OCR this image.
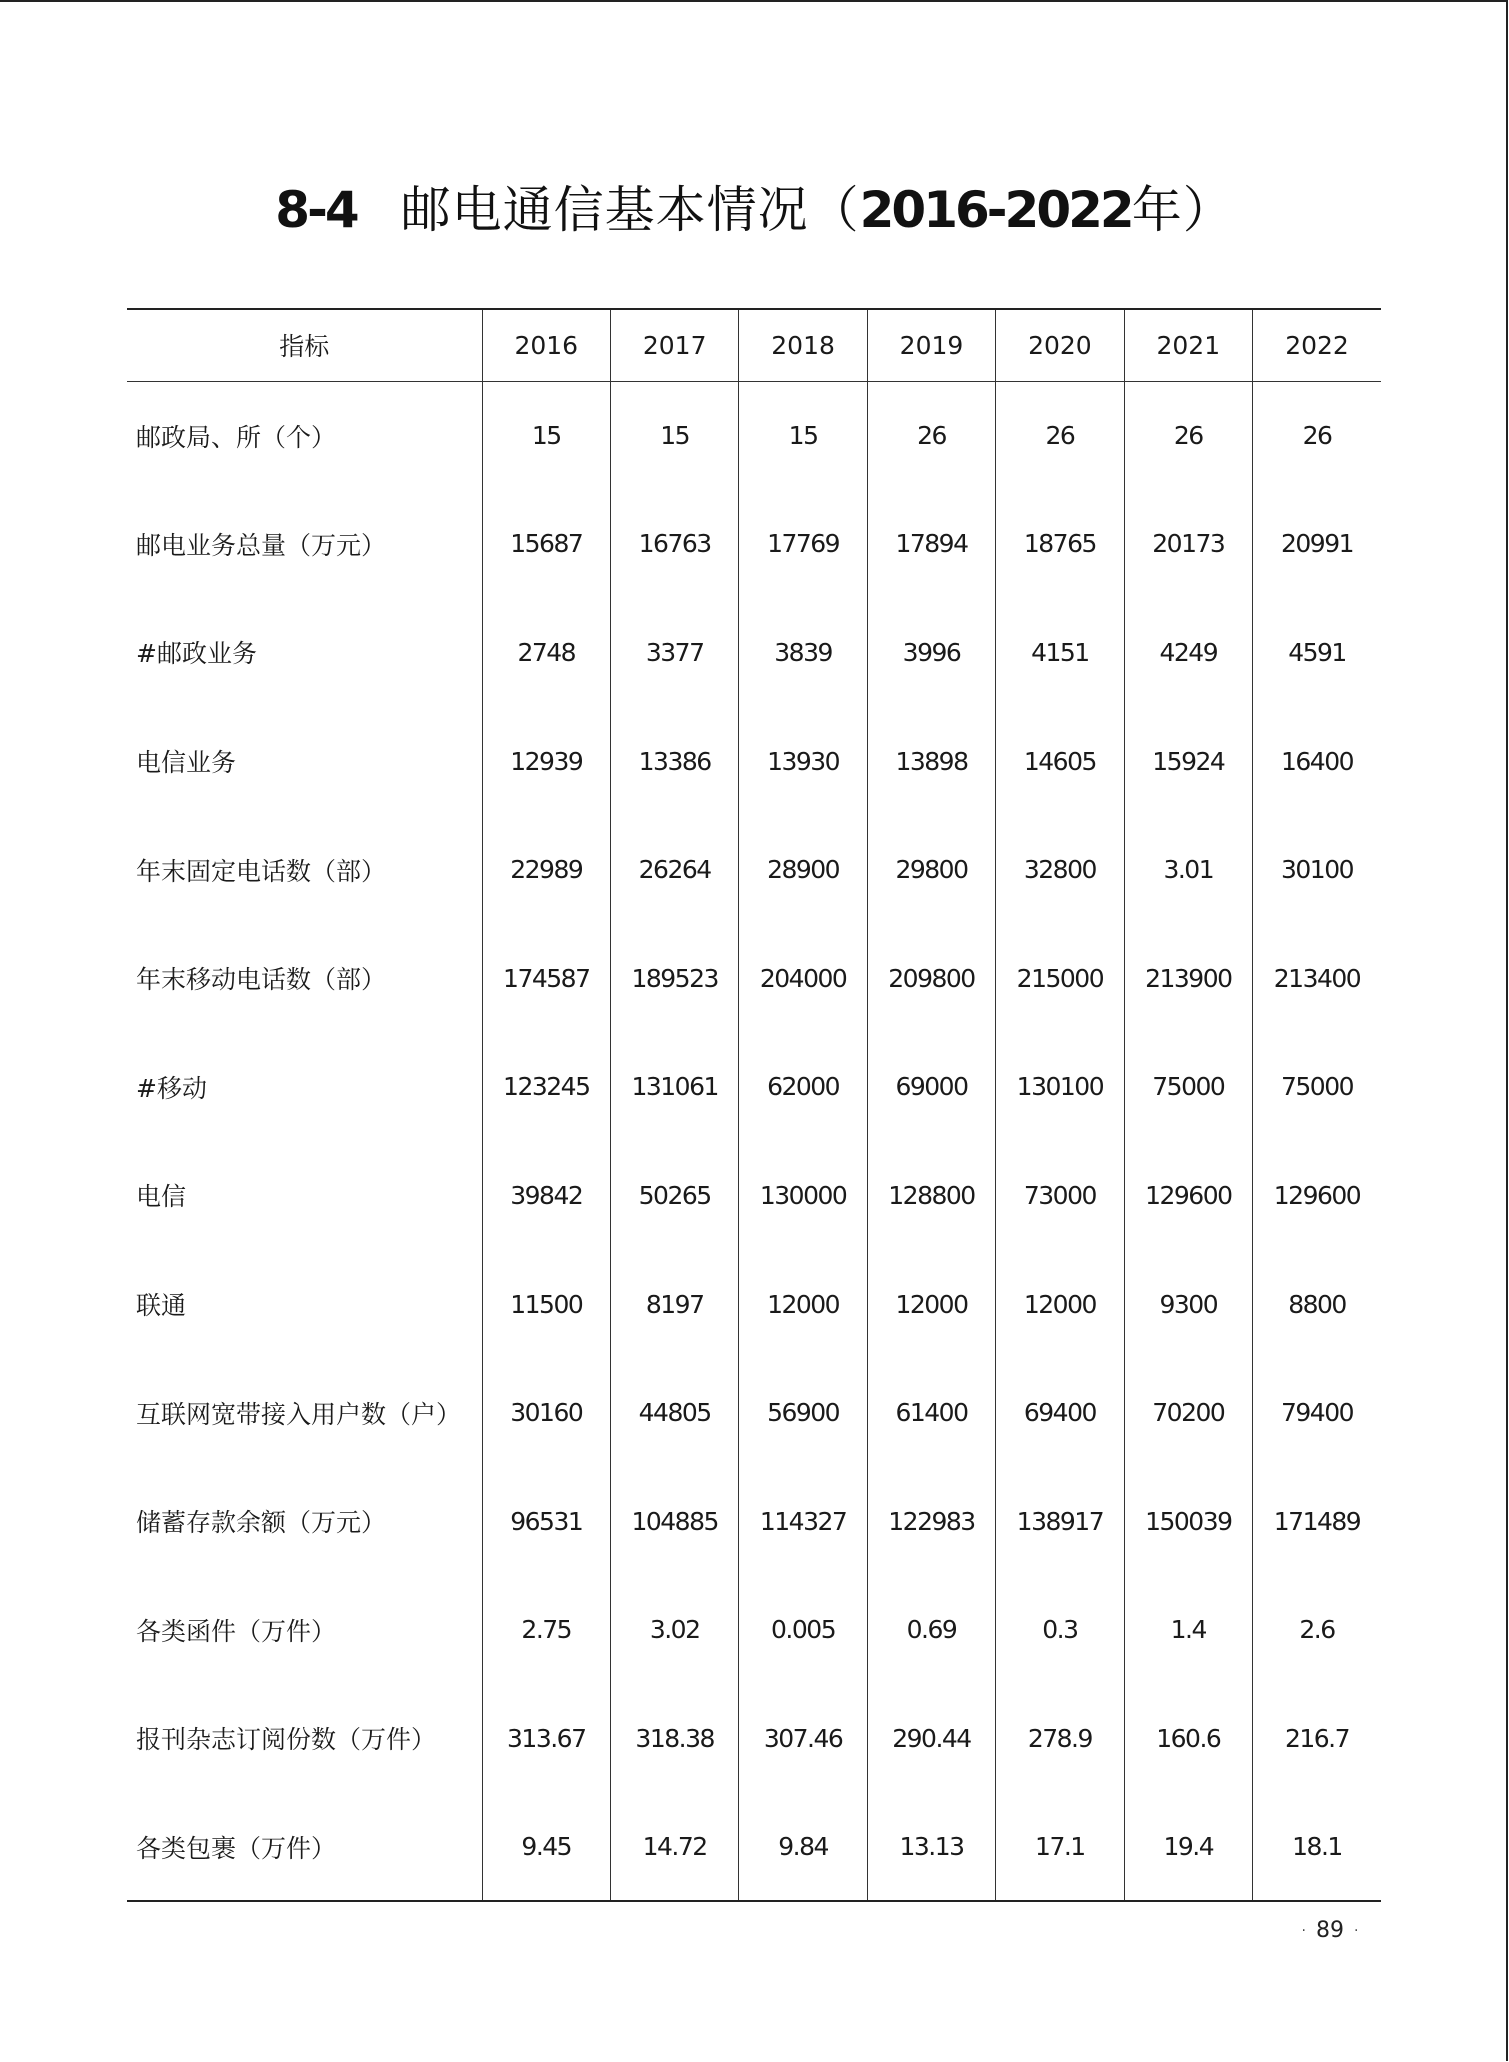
8-4 邮电通信基本情况（2016-2022年）
指标	2016	2017	2018	2019	2020	2021	2022
邮政局、所（个）	15	15	15	26	26	26	26
邮电业务总量（万元）	15687	16763	17769	17894	18765	20173	20991
#邮政业务	2748	3377	3839	3996	4151	4249	4591
电信业务	12939	13386	13930	13898	14605	15924	16400
年末固定电话数（部）	22989	26264	28900	29800	32800	3.01	30100
年末移动电话数（部）	174587	189523	204000	209800	215000	213900	213400
#移动	123245	131061	62000	69000	130100	75000	75000
电信	39842	50265	130000	128800	73000	129600	129600
联通	11500	8197	12000	12000	12000	9300	8800
互联网宽带接入用户数（户）	30160	44805	56900	61400	69400	70200	79400
储蓄存款余额（万元）	96531	104885	114327	122983	138917	150039	171489
各类函件（万件）	2.75	3.02	0.005	0.69	0.3	1.4	2.6
报刊杂志订阅份数（万件）	313.67	318.38	307.46	290.44	278.9	160.6	216.7
各类包裹（万件）	9.45	14.72	9.84	13.13	17.1	19.4	18.1
· 89 ·
